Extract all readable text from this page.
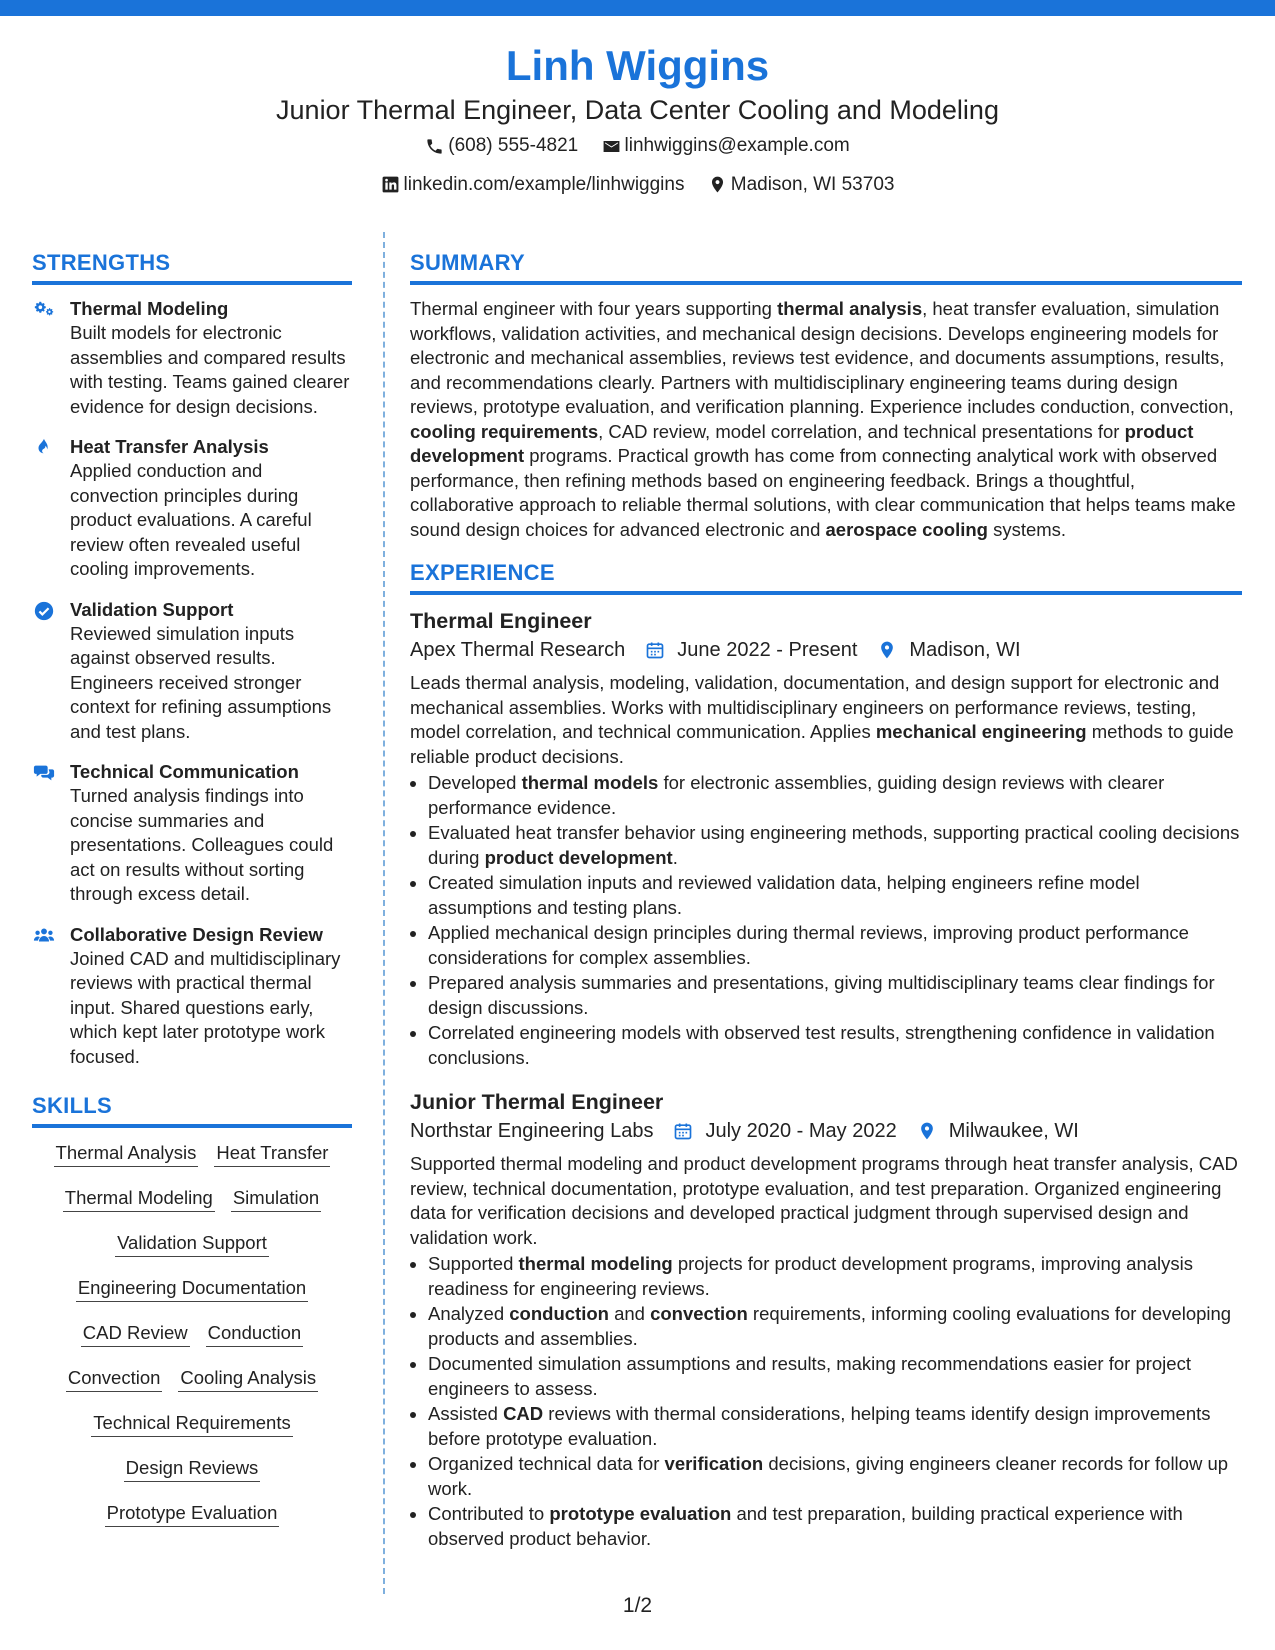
Linh Wiggins
Junior Thermal Engineer, Data Center Cooling and Modeling
(608) 555-4821
linhwiggins@example.com
linkedin.com/example/linhwiggins
Madison, WI 53703
STRENGTHS
Thermal Modeling
Built models for electronic assemblies and compared results with testing. Teams gained clearer evidence for design decisions.
Heat Transfer Analysis
Applied conduction and convection principles during product evaluations. A careful review often revealed useful cooling improvements.
Validation Support
Reviewed simulation inputs against observed results. Engineers received stronger context for refining assumptions and test plans.
Technical Communication
Turned analysis findings into concise summaries and presentations. Colleagues could act on results without sorting through excess detail.
Collaborative Design Review
Joined CAD and multidisciplinary reviews with practical thermal input. Shared questions early, which kept later prototype work focused.
SKILLS
Thermal Analysis Heat Transfer
Thermal Modeling Simulation
Validation Support
Engineering Documentation
CAD Review Conduction
Convection Cooling Analysis
Technical Requirements
Design Reviews
Prototype Evaluation
SUMMARY
Thermal engineer with four years supporting thermal analysis, heat transfer evaluation, simulation workflows, validation activities, and mechanical design decisions. Develops engineering models for electronic and mechanical assemblies, reviews test evidence, and documents assumptions, results, and recommendations clearly. Partners with multidisciplinary engineering teams during design reviews, prototype evaluation, and verification planning. Experience includes conduction, convection, cooling requirements, CAD review, model correlation, and technical presentations for product development programs. Practical growth has come from connecting analytical work with observed performance, then refining methods based on engineering feedback. Brings a thoughtful, collaborative approach to reliable thermal solutions, with clear communication that helps teams make sound design choices for advanced electronic and aerospace cooling systems.
EXPERIENCE
Thermal Engineer
Apex Thermal Research	June 2022 - Present	Madison, WI
Leads thermal analysis, modeling, validation, documentation, and design support for electronic and mechanical assemblies. Works with multidisciplinary engineers on performance reviews, testing, model correlation, and technical communication. Applies mechanical engineering methods to guide reliable product decisions.
• Developed thermal models for electronic assemblies, guiding design reviews with clearer performance evidence.
• Evaluated heat transfer behavior using engineering methods, supporting practical cooling decisions during product development.
• Created simulation inputs and reviewed validation data, helping engineers refine model assumptions and testing plans.
• Applied mechanical design principles during thermal reviews, improving product performance considerations for complex assemblies.
• Prepared analysis summaries and presentations, giving multidisciplinary teams clear findings for design discussions.
• Correlated engineering models with observed test results, strengthening confidence in validation conclusions.
Junior Thermal Engineer
Northstar Engineering Labs	July 2020 - May 2022	Milwaukee, WI
Supported thermal modeling and product development programs through heat transfer analysis, CAD review, technical documentation, prototype evaluation, and test preparation. Organized engineering data for verification decisions and developed practical judgment through supervised design and validation work.
• Supported thermal modeling projects for product development programs, improving analysis readiness for engineering reviews.
• Analyzed conduction and convection requirements, informing cooling evaluations for developing products and assemblies.
• Documented simulation assumptions and results, making recommendations easier for project engineers to assess.
• Assisted CAD reviews with thermal considerations, helping teams identify design improvements before prototype evaluation.
• Organized technical data for verification decisions, giving engineers cleaner records for follow up work.
• Contributed to prototype evaluation and test preparation, building practical experience with observed product behavior.
1/2
